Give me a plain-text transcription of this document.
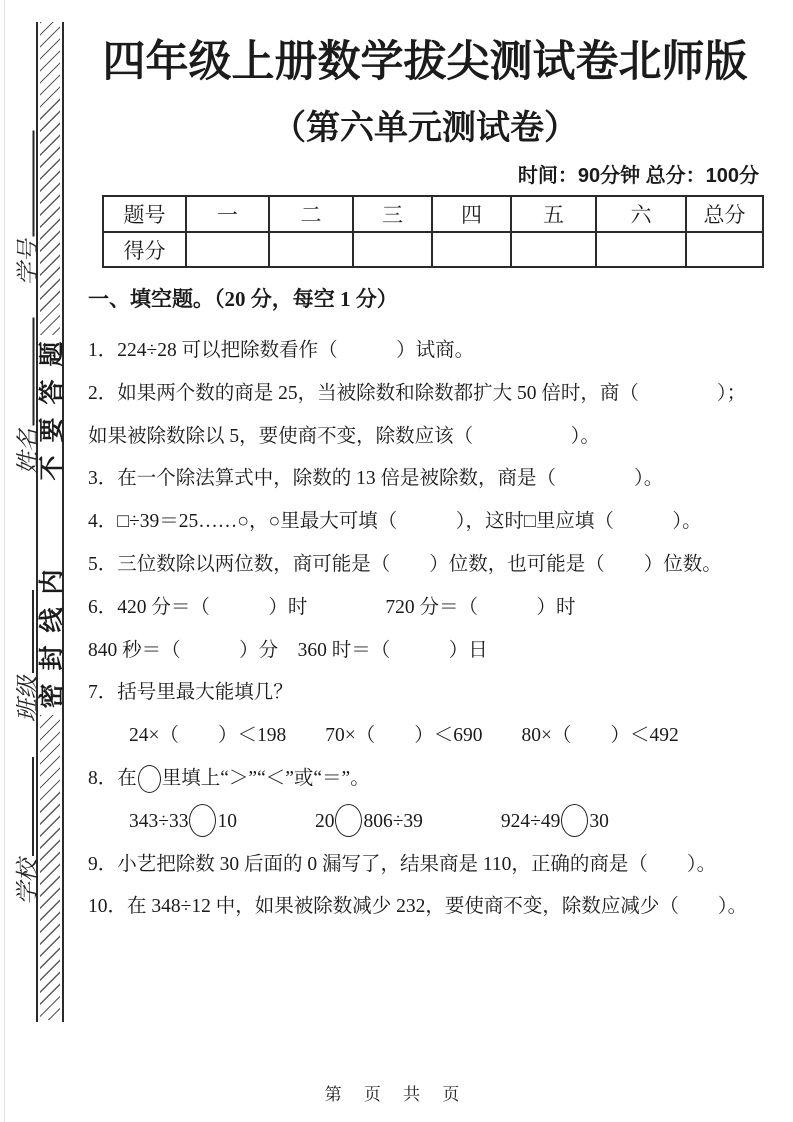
题
答
要
不
内
线
封
密
学号
姓名
班级
学校
四年级上册数学拔尖测试卷北师版
（第六单元测试卷）
时间：90分钟 总分：100分
题号	一	二	三	四	五	六	总分
得分							
一、填空题。（20 分，每空 1 分）
1．224÷28 可以把除数看作（　　　）试商。
2．如果两个数的商是 25，当被除数和除数都扩大 50 倍时，商（　　　　）；
如果被除数除以 5，要使商不变，除数应该（　　　　　）。
3．在一个除法算式中，除数的 13 倍是被除数，商是（　　　　）。
4．□÷39＝25……○，○里最大可填（　　　），这时□里应填（　　　）。
5．三位数除以两位数，商可能是（　　）位数，也可能是（　　）位数。
6．420 分＝（　　　）时　　　　720 分＝（　　　）时
840 秒＝（　　　）分　360 时＝（　　　）日
7．括号里最大能填几？
24×（　　）＜198　　70×（　　）＜690　　80×（　　）＜492
8．在 里填上“＞”“＜”或“＝”。
343÷33 10　　　　20 806÷39　　　　924÷49 30
9．小艺把除数 30 后面的 0 漏写了，结果商是 110，正确的商是（　　）。
10．在 348÷12 中，如果被除数减少 232，要使商不变，除数应减少（　　）。
第 页 共 页
